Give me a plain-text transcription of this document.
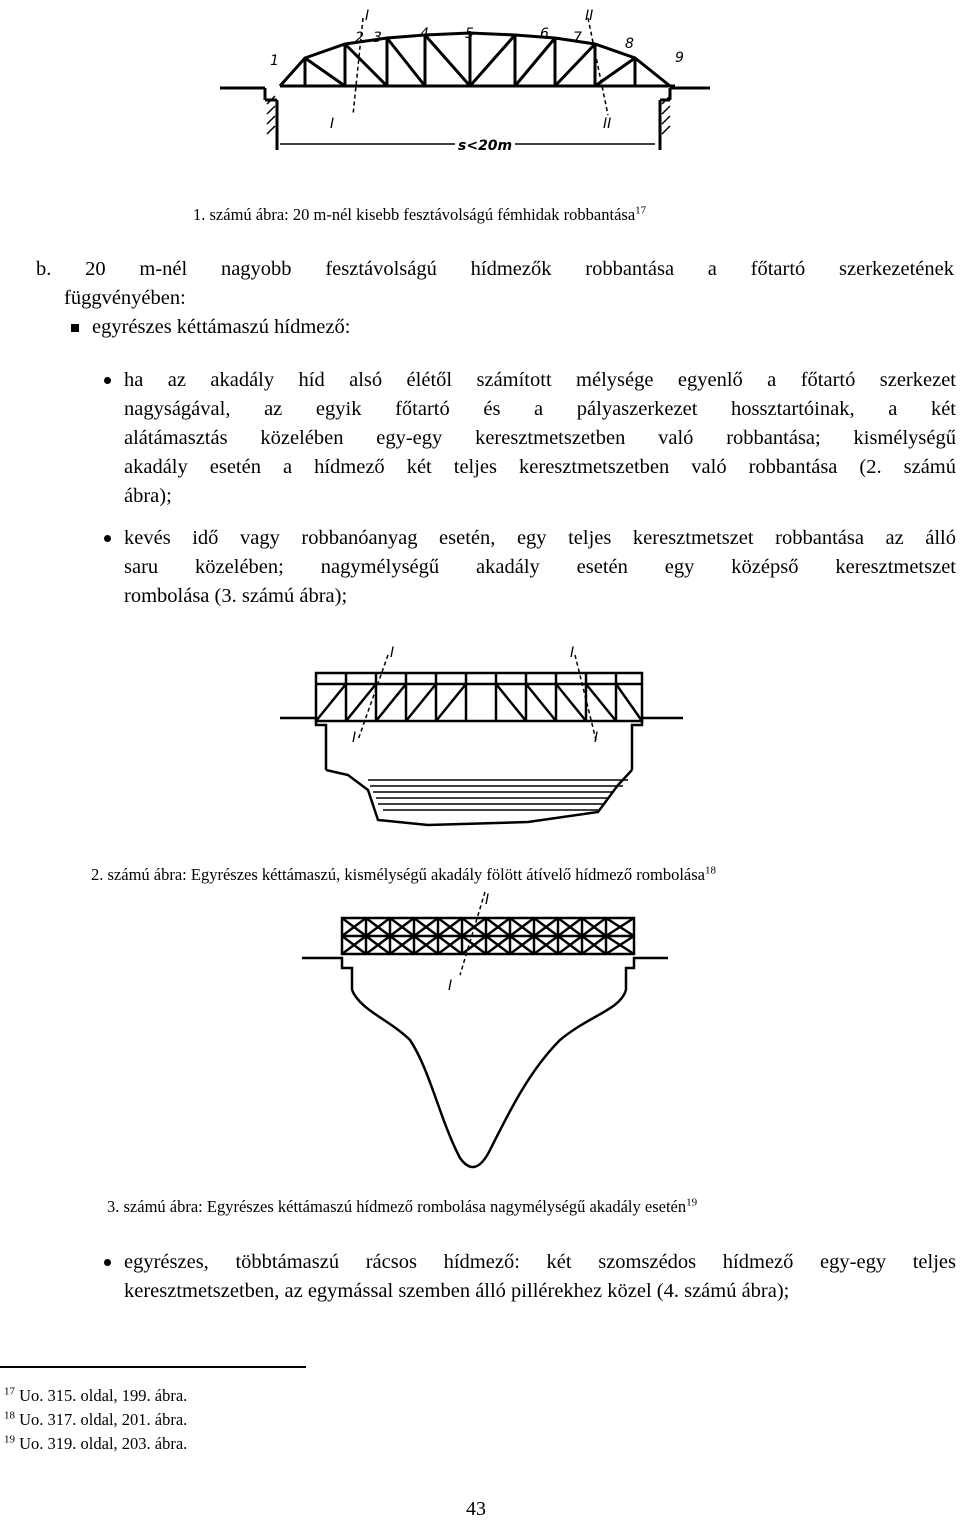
I	II
1
2 3	4	5	6 7	8
9
I	II
s<20m
1. számú ábra: 20 m-nél kisebb fesztávolságú fémhidak robbantása$^{17}$
b. 20 m-nél nagyobb fesztávolságú hídmezők robbantása a főtartó szerkezetének
függvényében:
egyrészes kéttámaszú hídmező:
ha az akadály híd alsó élétől számított mélysége egyenlő a főtartó szerkezet
nagyságával, az egyik főtartó és a pályaszerkezet hossztartóinak, a két
alátámasztás közelében egy-egy keresztmetszetben való robbantása; kismélységű
akadály esetén a hídmező két teljes keresztmetszetben való robbantása (2. számú
ábra);
kevés idő vagy robbanóanyag esetén, egy teljes keresztmetszet robbantása az álló
saru közelében; nagymélységű akadály esetén egy középső keresztmetszet
rombolása (3. számú ábra);
I	I
I	I
2. számú ábra: Egyrészes kéttámaszú, kismélységű akadály fölött átívelő hídmező rombolása$^{18}$
I
I
3. számú ábra: Egyrészes kéttámaszú hídmező rombolása nagymélységű akadály esetén$^{19}$
egyrészes, többtámaszú rácsos hídmező: két szomszédos hídmező egy-egy teljes
keresztmetszetben, az egymással szemben álló pillérekhez közel (4. számú ábra);
$^{17}$ Uo. 315. oldal, 199. ábra.
$^{18}$ Uo. 317. oldal, 201. ábra.
$^{19}$ Uo. 319. oldal, 203. ábra.
43
